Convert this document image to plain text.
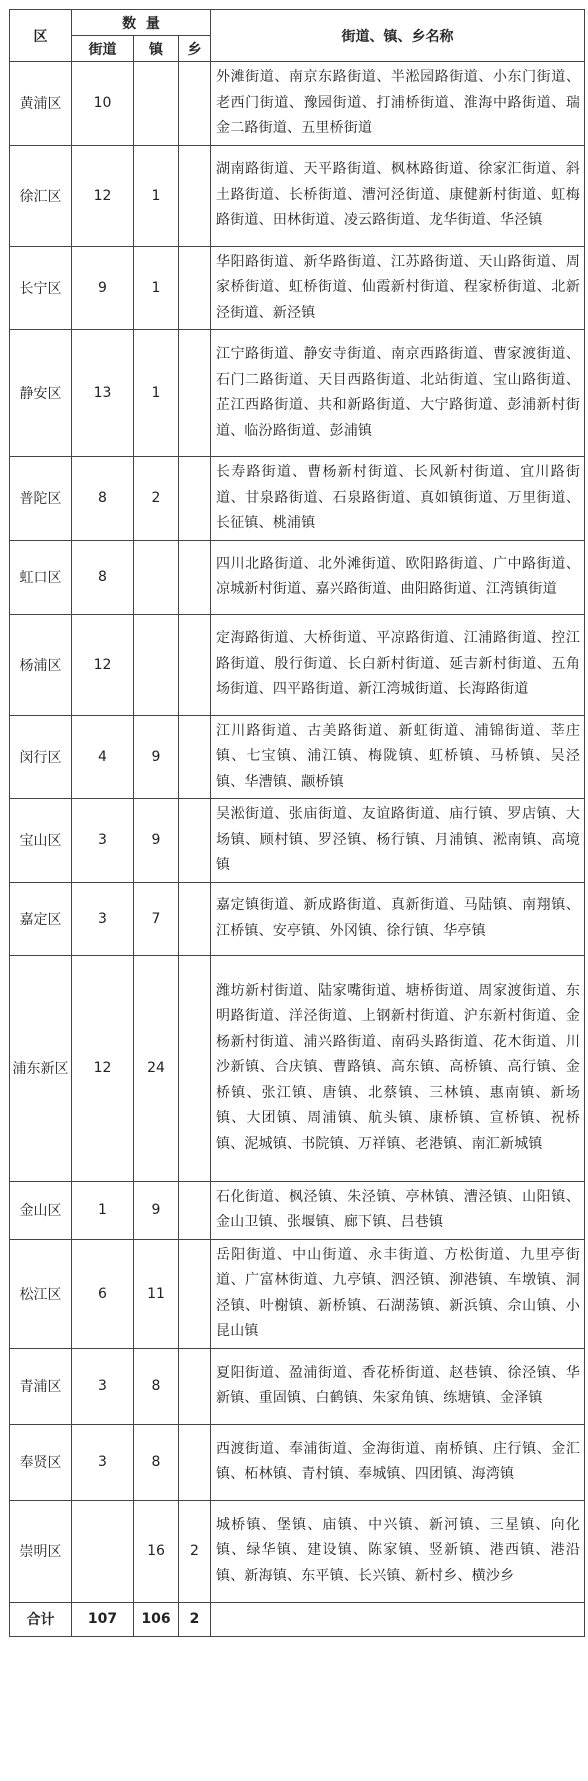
区	数  量			街道、镇、乡名称
	街道	镇	乡	
黄浦区	10			外滩街道、南京东路街道、半淞园路街道、小东门街道、老西门街道、豫园街道、打浦桥街道、淮海中路街道、瑞金二路街道、五里桥街道
徐汇区	12	1		湖南路街道、天平路街道、枫林路街道、徐家汇街道、斜土路街道、长桥街道、漕河泾街道、康健新村街道、虹梅路街道、田林街道、凌云路街道、龙华街道、华泾镇
长宁区	9	1		华阳路街道、新华路街道、江苏路街道、天山路街道、周家桥街道、虹桥街道、仙霞新村街道、程家桥街道、北新泾街道、新泾镇
静安区	13	1		江宁路街道、静安寺街道、南京西路街道、曹家渡街道、石门二路街道、天目西路街道、北站街道、宝山路街道、芷江西路街道、共和新路街道、大宁路街道、彭浦新村街道、临汾路街道、彭浦镇
普陀区	8	2		长寿路街道、曹杨新村街道、长风新村街道、宜川路街道、甘泉路街道、石泉路街道、真如镇街道、万里街道、长征镇、桃浦镇
虹口区	8			四川北路街道、北外滩街道、欧阳路街道、广中路街道、凉城新村街道、嘉兴路街道、曲阳路街道、江湾镇街道
杨浦区	12			定海路街道、大桥街道、平凉路街道、江浦路街道、控江路街道、殷行街道、长白新村街道、延吉新村街道、五角场街道、四平路街道、新江湾城街道、长海路街道
闵行区	4	9		江川路街道、古美路街道、新虹街道、浦锦街道、莘庄镇、七宝镇、浦江镇、梅陇镇、虹桥镇、马桥镇、吴泾镇、华漕镇、颛桥镇
宝山区	3	9		吴淞街道、张庙街道、友谊路街道、庙行镇、罗店镇、大场镇、顾村镇、罗泾镇、杨行镇、月浦镇、淞南镇、高境镇
嘉定区	3	7		嘉定镇街道、新成路街道、真新街道、马陆镇、南翔镇、江桥镇、安亭镇、外冈镇、徐行镇、华亭镇
浦东新区	12	24		潍坊新村街道、陆家嘴街道、塘桥街道、周家渡街道、东明路街道、洋泾街道、上钢新村街道、沪东新村街道、金杨新村街道、浦兴路街道、南码头路街道、花木街道、川沙新镇、合庆镇、曹路镇、高东镇、高桥镇、高行镇、金桥镇、张江镇、唐镇、北蔡镇、三林镇、惠南镇、新场镇、大团镇、周浦镇、航头镇、康桥镇、宣桥镇、祝桥镇、泥城镇、书院镇、万祥镇、老港镇、南汇新城镇
金山区	1	9		石化街道、枫泾镇、朱泾镇、亭林镇、漕泾镇、山阳镇、金山卫镇、张堰镇、廊下镇、吕巷镇
松江区	6	11		岳阳街道、中山街道、永丰街道、方松街道、九里亭街道、广富林街道、九亭镇、泗泾镇、泖港镇、车墩镇、洞泾镇、叶榭镇、新桥镇、石湖荡镇、新浜镇、佘山镇、小昆山镇
青浦区	3	8		夏阳街道、盈浦街道、香花桥街道、赵巷镇、徐泾镇、华新镇、重固镇、白鹤镇、朱家角镇、练塘镇、金泽镇
奉贤区	3	8		西渡街道、奉浦街道、金海街道、南桥镇、庄行镇、金汇镇、柘林镇、青村镇、奉城镇、四团镇、海湾镇
崇明区		16	2	城桥镇、堡镇、庙镇、中兴镇、新河镇、三星镇、向化镇、绿华镇、建设镇、陈家镇、竖新镇、港西镇、港沿镇、新海镇、东平镇、长兴镇、新村乡、横沙乡
合计	107	106	2	
